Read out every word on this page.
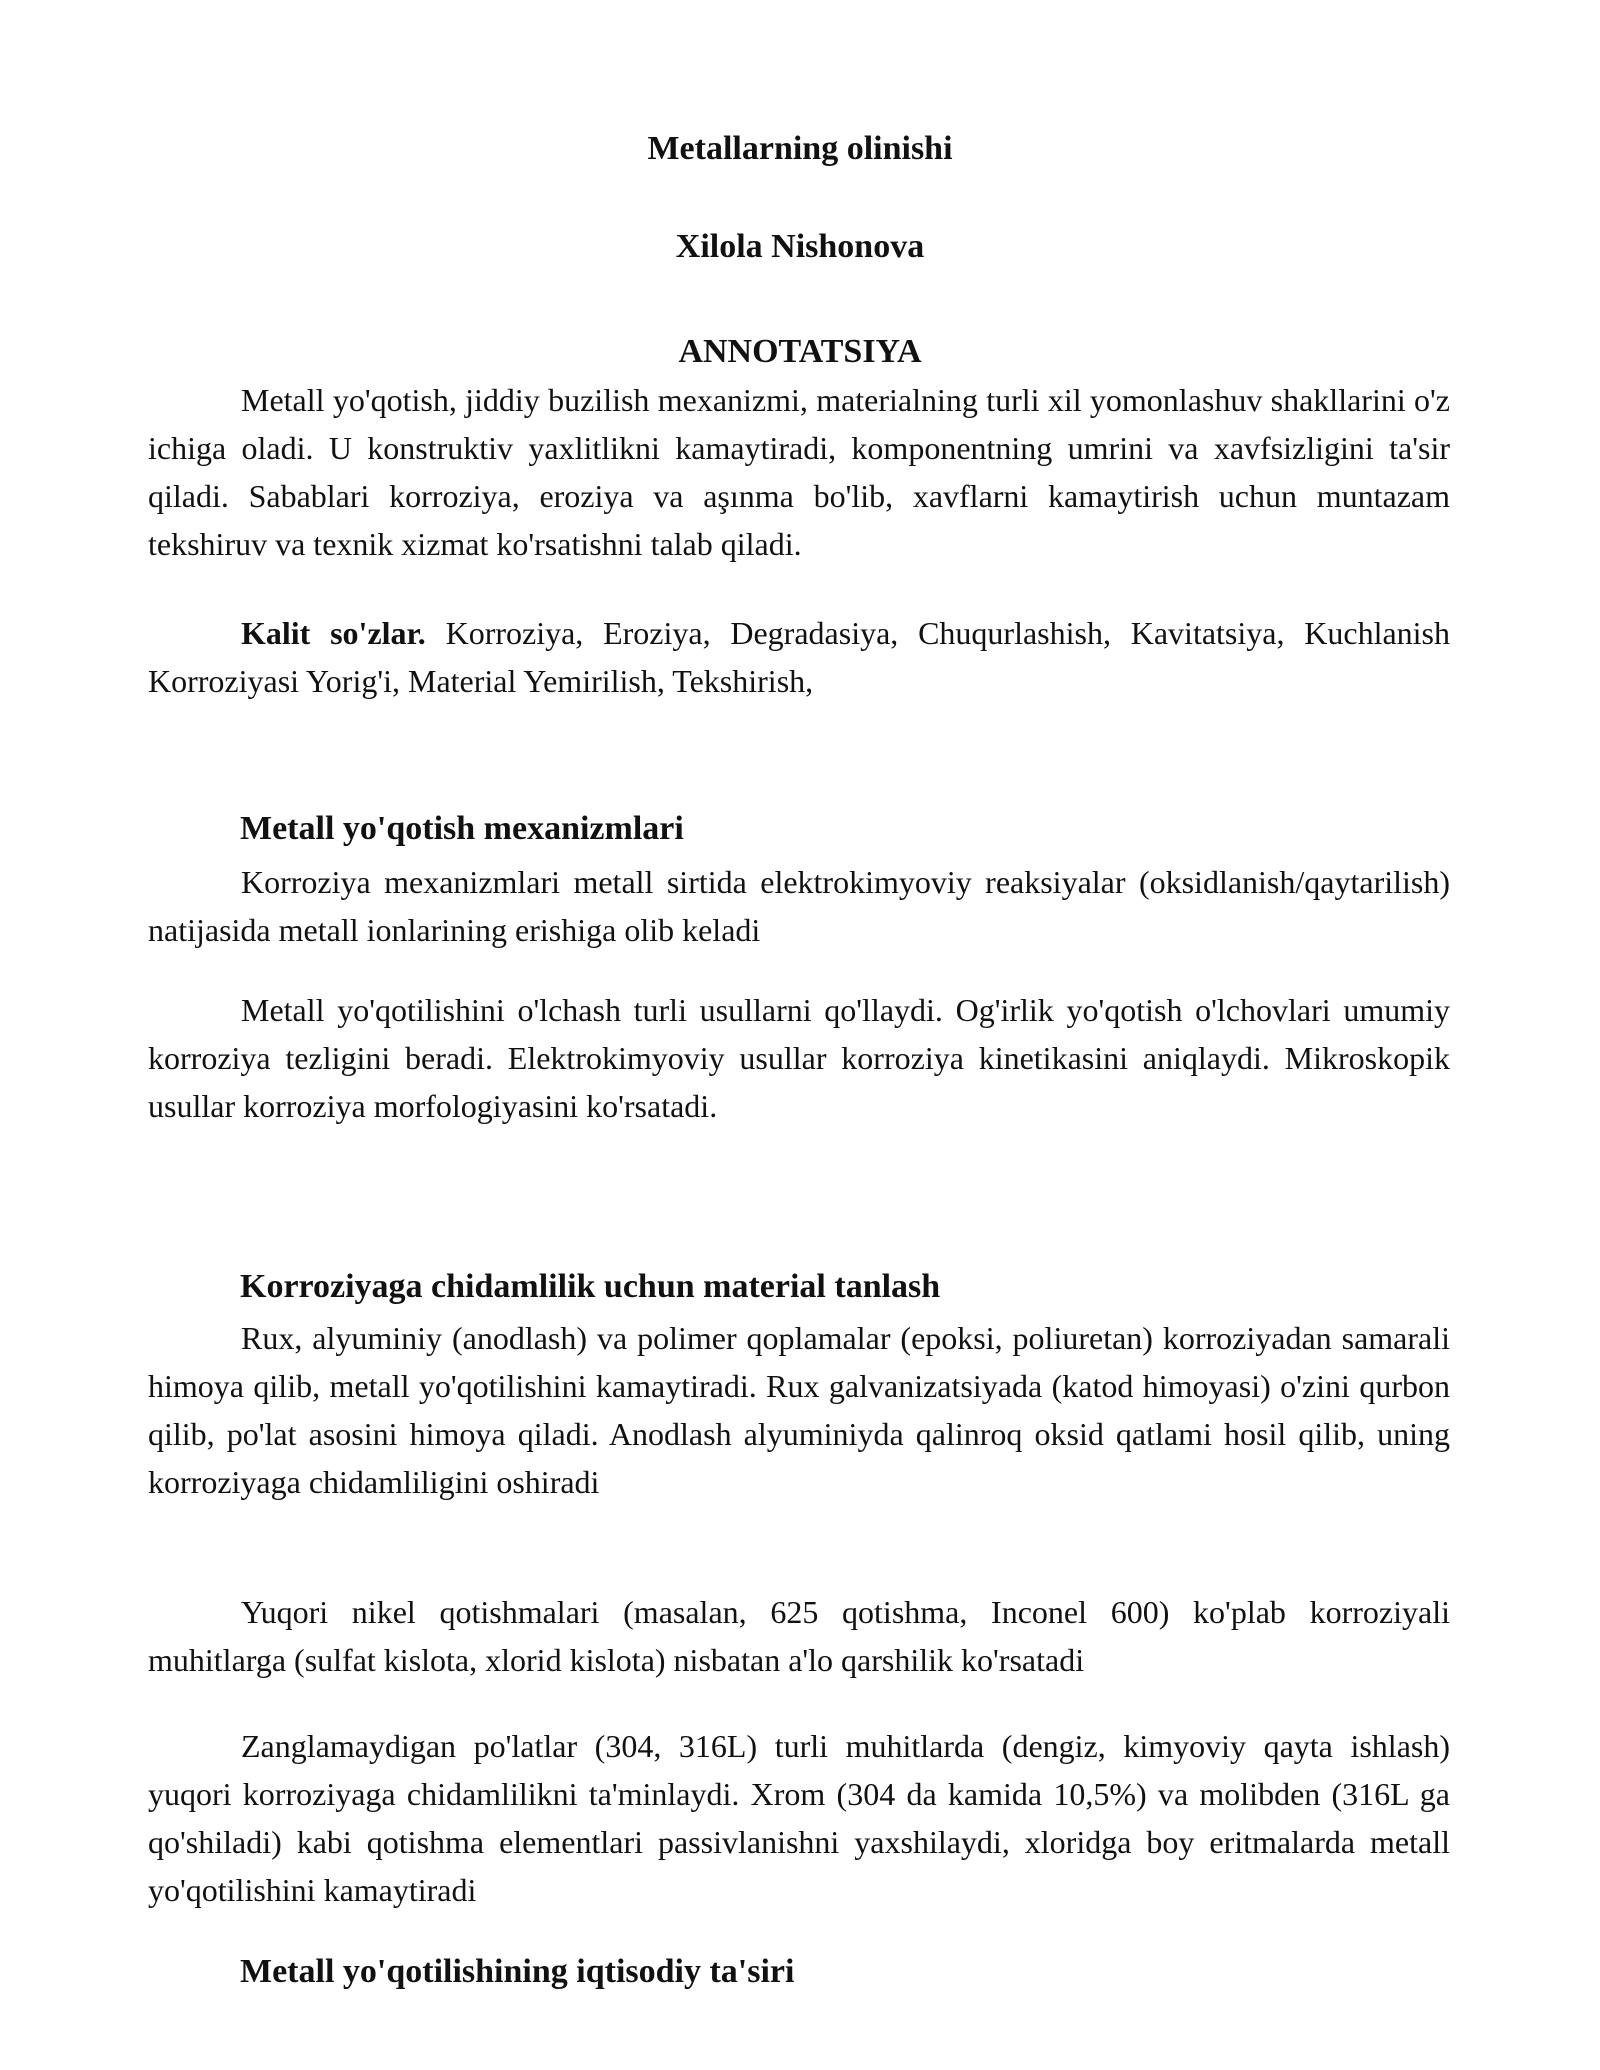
Metallarning olinishi
Xilola Nishonova
ANNOTATSIYA

Metall yo'qotish, jiddiy buzilish mexanizmi, materialning turli xil yomonlashuv shakllarini o'z ichiga oladi. U konstruktiv yaxlitlikni kamaytiradi, komponentning umrini va xavfsizligini ta'sir qiladi. Sabablari korroziya, eroziya va aşınma bo'lib, xavflarni kamaytirish uchun muntazam tekshiruv va texnik xizmat ko'rsatishni talab qiladi.

Kalit so'zlar. Korroziya, Eroziya, Degradasiya, Chuqurlashish, Kavitatsiya, Kuchlanish Korroziyasi Yorig'i, Material Yemirilish, Tekshirish,

Metall yo'qotish mexanizmlari

Korroziya mexanizmlari metall sirtida elektrokimyoviy reaksiyalar (oksidlanish/qaytarilish) natijasida metall ionlarining erishiga olib keladi

Metall yo'qotilishini o'lchash turli usullarni qo'llaydi. Og'irlik yo'qotish o'lchovlari umumiy korroziya tezligini beradi. Elektrokimyoviy usullar korroziya kinetikasini aniqlaydi. Mikroskopik usullar korroziya morfologiyasini ko'rsatadi.

Korroziyaga chidamlilik uchun material tanlash

Rux, alyuminiy (anodlash) va polimer qoplamalar (epoksi, poliuretan) korroziyadan samarali himoya qilib, metall yo'qotilishini kamaytiradi. Rux galvanizatsiyada (katod himoyasi) o'zini qurbon qilib, po'lat asosini himoya qiladi. Anodlash alyuminiyda qalinroq oksid qatlami hosil qilib, uning korroziyaga chidamliligini oshiradi

Yuqori nikel qotishmalari (masalan, 625 qotishma, Inconel 600) ko'plab korroziyali muhitlarga (sulfat kislota, xlorid kislota) nisbatan a'lo qarshilik ko'rsatadi

Zanglamaydigan po'latlar (304, 316L) turli muhitlarda (dengiz, kimyoviy qayta ishlash) yuqori korroziyaga chidamlilikni ta'minlaydi. Xrom (304 da kamida 10,5%) va molibden (316L ga qo'shiladi) kabi qotishma elementlari passivlanishni yaxshilaydi, xloridga boy eritmalarda metall yo'qotilishini kamaytiradi

Metall yo'qotilishining iqtisodiy ta'siri
